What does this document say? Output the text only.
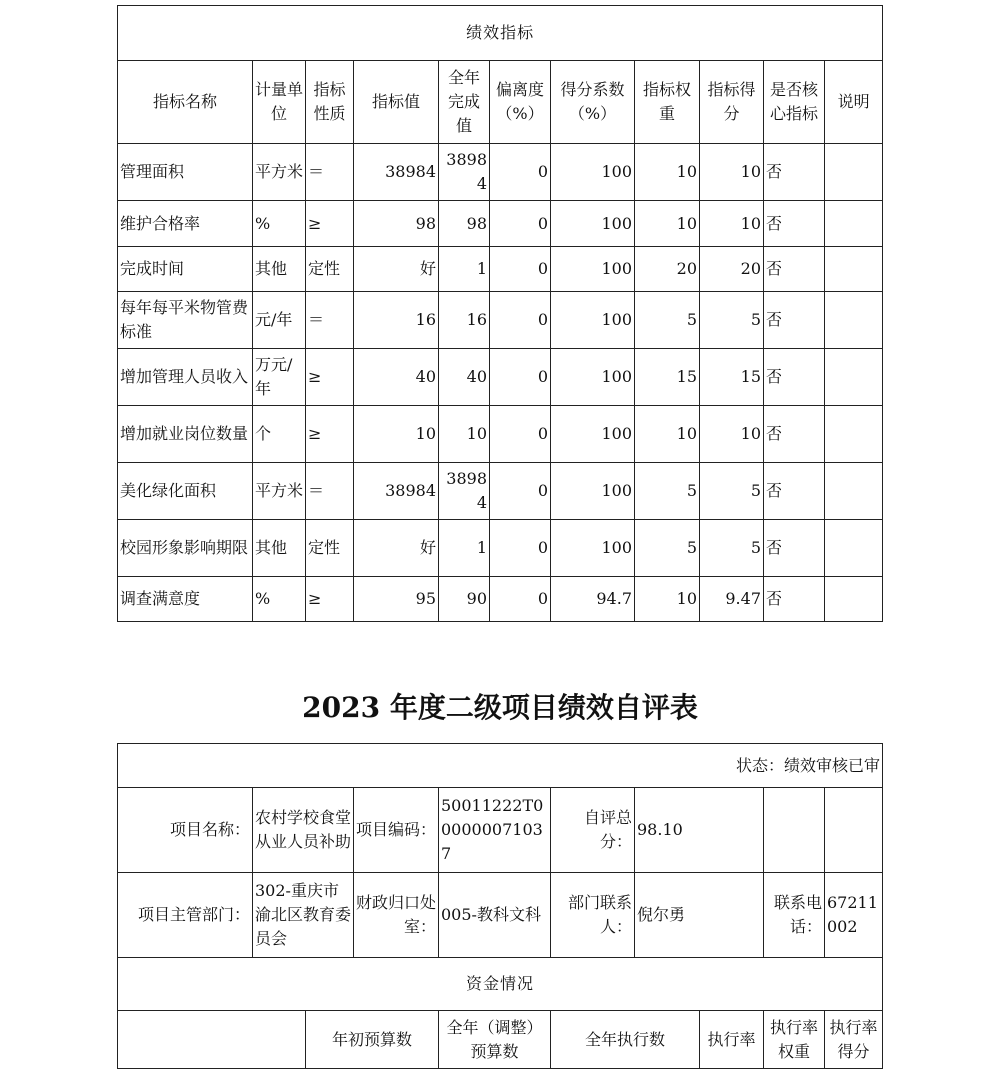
绩效指标										
指标名称	计量单位	指标性质	指标值	全年完成值	偏离度（%）	得分系数（%）	指标权重	指标得分	是否核心指标	说明
管理面积	平方米	＝	38984	38984	0	100	10	10	否	
维护合格率	%	≥	98	98	0	100	10	10	否	
完成时间	其他	定性	好	1	0	100	20	20	否	
每年每平米物管费标准	元/年	＝	16	16	0	100	5	5	否	
增加管理人员收入	万元/年	≥	40	40	0	100	15	15	否	
增加就业岗位数量	个	≥	10	10	0	100	10	10	否	
美化绿化面积	平方米	＝	38984	38984	0	100	5	5	否	
校园形象影响期限	其他	定性	好	1	0	100	5	5	否	
调查满意度	%	≥	95	90	0	94.7	10	9.47	否	
2023 年度二级项目绩效自评表
状态：绩效审核已审									
项目名称：	农村学校食堂从业人员补助		项目编码：	50011222T000000071037	自评总分：	98.10			
项目主管部门：	302-重庆市渝北区教育委员会		财政归口处室：	005-教科文科	部门联系人：	倪尔勇		联系电话：	67211002
资金情况									
		年初预算数		全年（调整）预算数	全年执行数		执行率	执行率权重	执行率得分
